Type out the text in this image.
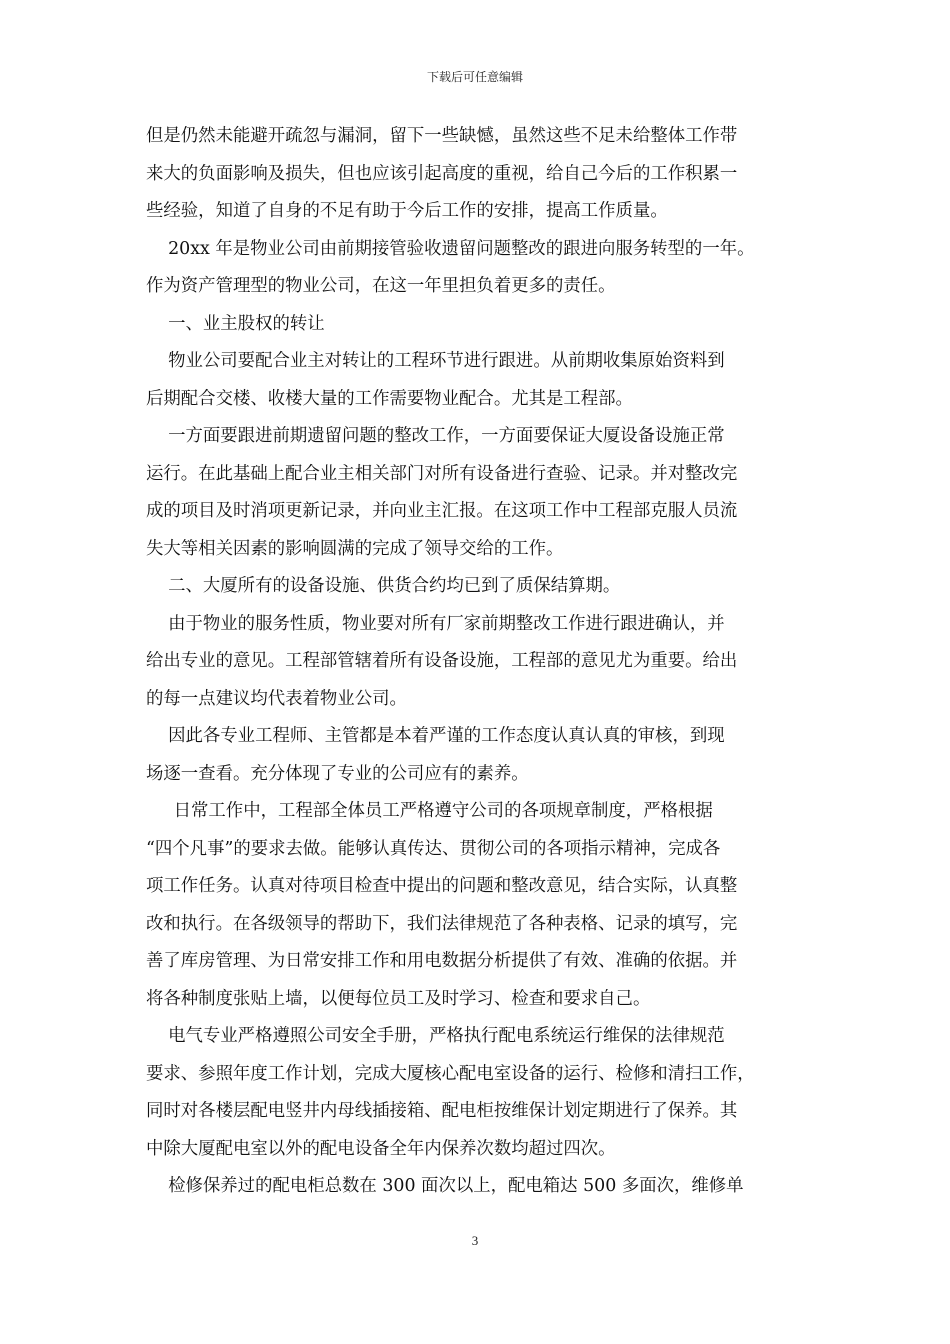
下载后可任意编辑
但是仍然未能避开疏忽与漏洞，留下一些缺憾，虽然这些不足未给整体工作带
来大的负面影响及损失，但也应该引起高度的重视，给自己今后的工作积累一
些经验，知道了自身的不足有助于今后工作的安排，提高工作质量。
20xx 年是物业公司由前期接管验收遗留问题整改的跟进向服务转型的一年。
作为资产管理型的物业公司，在这一年里担负着更多的责任。
一、业主股权的转让
物业公司要配合业主对转让的工程环节进行跟进。从前期收集原始资料到
后期配合交楼、收楼大量的工作需要物业配合。尤其是工程部。
一方面要跟进前期遗留问题的整改工作，一方面要保证大厦设备设施正常
运行。在此基础上配合业主相关部门对所有设备进行查验、记录。并对整改完
成的项目及时消项更新记录，并向业主汇报。在这项工作中工程部克服人员流
失大等相关因素的影响圆满的完成了领导交给的工作。
二、大厦所有的设备设施、供货合约均已到了质保结算期。
由于物业的服务性质，物业要对所有厂家前期整改工作进行跟进确认，并
给出专业的意见。工程部管辖着所有设备设施，工程部的意见尤为重要。给出
的每一点建议均代表着物业公司。
因此各专业工程师、主管都是本着严谨的工作态度认真认真的审核，到现
场逐一查看。充分体现了专业的公司应有的素养。
日常工作中，工程部全体员工严格遵守公司的各项规章制度，严格根据
“四个凡事”的要求去做。能够认真传达、贯彻公司的各项指示精神，完成各
项工作任务。认真对待项目检查中提出的问题和整改意见，结合实际，认真整
改和执行。在各级领导的帮助下，我们法律规范了各种表格、记录的填写，完
善了库房管理、为日常安排工作和用电数据分析提供了有效、准确的依据。并
将各种制度张贴上墙，以便每位员工及时学习、检查和要求自己。
电气专业严格遵照公司安全手册，严格执行配电系统运行维保的法律规范
要求、参照年度工作计划，完成大厦核心配电室设备的运行、检修和清扫工作，
同时对各楼层配电竖井内母线插接箱、配电柜按维保计划定期进行了保养。其
中除大厦配电室以外的配电设备全年内保养次数均超过四次。
检修保养过的配电柜总数在 300 面次以上，配电箱达 500 多面次，维修单
3
